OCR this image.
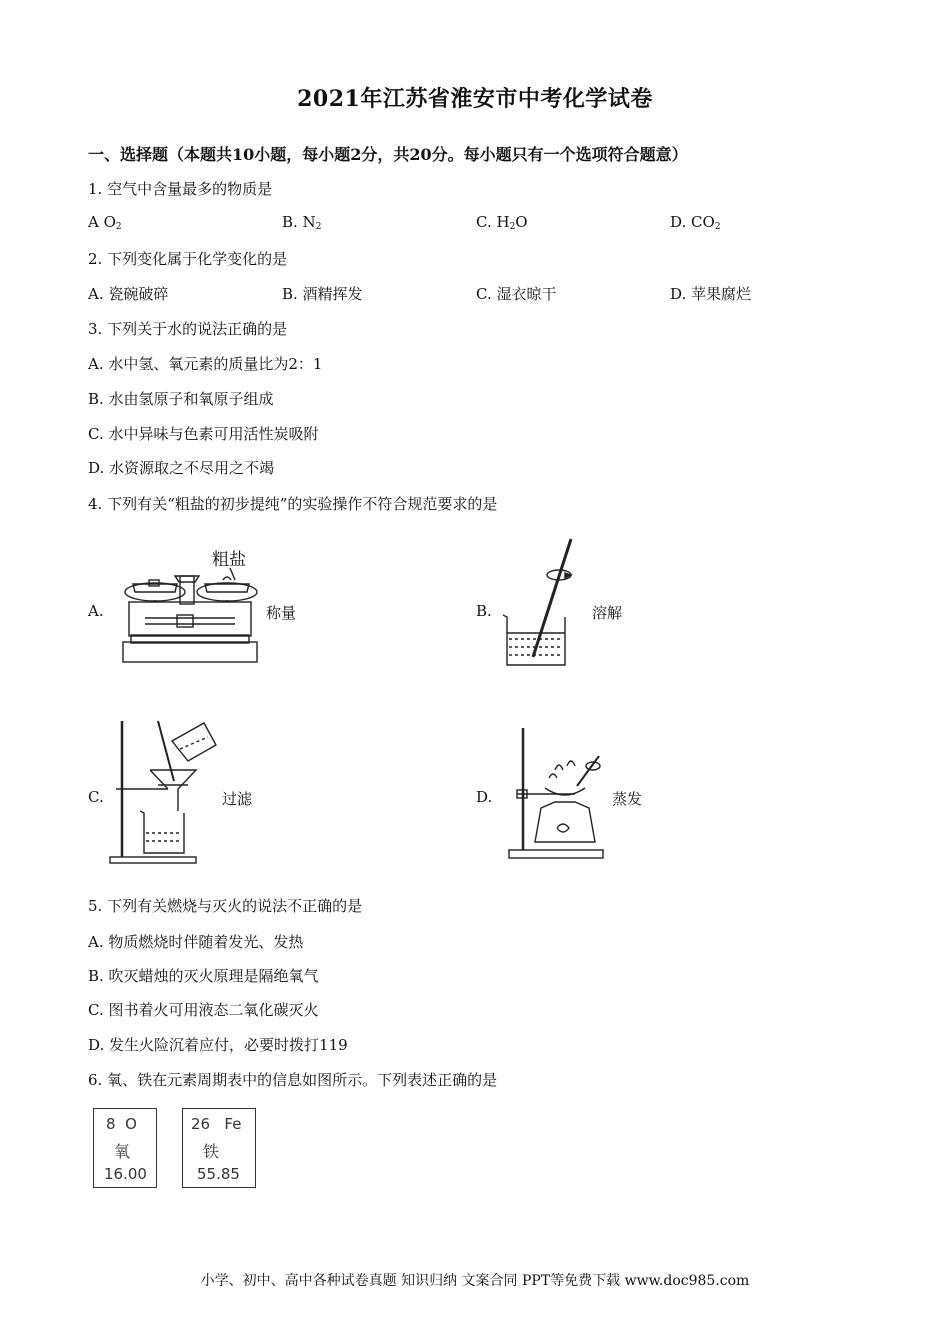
2021年江苏省淮安市中考化学试卷
一、选择题（本题共10小题，每小题2分，共20分。每小题只有一个选项符合题意）
1. 空气中含量最多的物质是
A $O_2$	B. $N_2$	C. $H_2O$	D. $CO_2$
2. 下列变化属于化学变化的是
A. 瓷碗破碎	B. 酒精挥发	C. 湿衣晾干	D. 苹果腐烂
3. 下列关于水的说法正确的是
A. 水中氢、氧元素的质量比为2：1
B. 水由氢原子和氧原子组成
C. 水中异味与色素可用活性炭吸附
D. 水资源取之不尽用之不竭
4. 下列有关“粗盐的初步提纯”的实验操作不符合规范要求的是
A.
粗盐
称量	B.	溶解
C.	过滤	D.	蒸发
5. 下列有关燃烧与灭火的说法不正确的是
A. 物质燃烧时伴随着发光、发热
B. 吹灭蜡烛的灭火原理是隔绝氧气
C. 图书着火可用液态二氧化碳灭火
D. 发生火险沉着应付，必要时拨打119
6. 氧、铁在元素周期表中的信息如图所示。下列表述正确的是
8 O
氧
16.00
26 Fe
铁
55.85
小学、初中、高中各种试卷真题 知识归纳 文案合同 PPT等免费下载 www.doc985.com
